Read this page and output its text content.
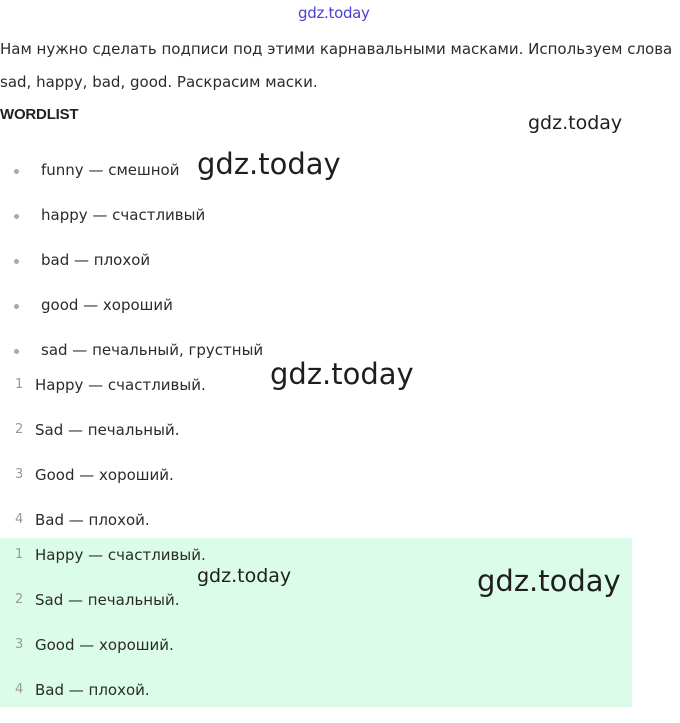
gdz.today
Нам нужно сделать подписи под этими карнавальными масками. Используем слова sad, happy, bad, good. Раскрасим маски.
WORDLIST
funny — смешной
happy — счастливый
bad — плохой
good — хороший
sad — печальный, грустный
1 Happy — счастливый.
2 Sad — печальный.
3 Good — хороший.
4 Bad — плохой.
1 Happy — счастливый.
2 Sad — печальный.
3 Good — хороший.
4 Bad — плохой.
gdz.today
gdz.today
gdz.today
gdz.today	gdz.today
